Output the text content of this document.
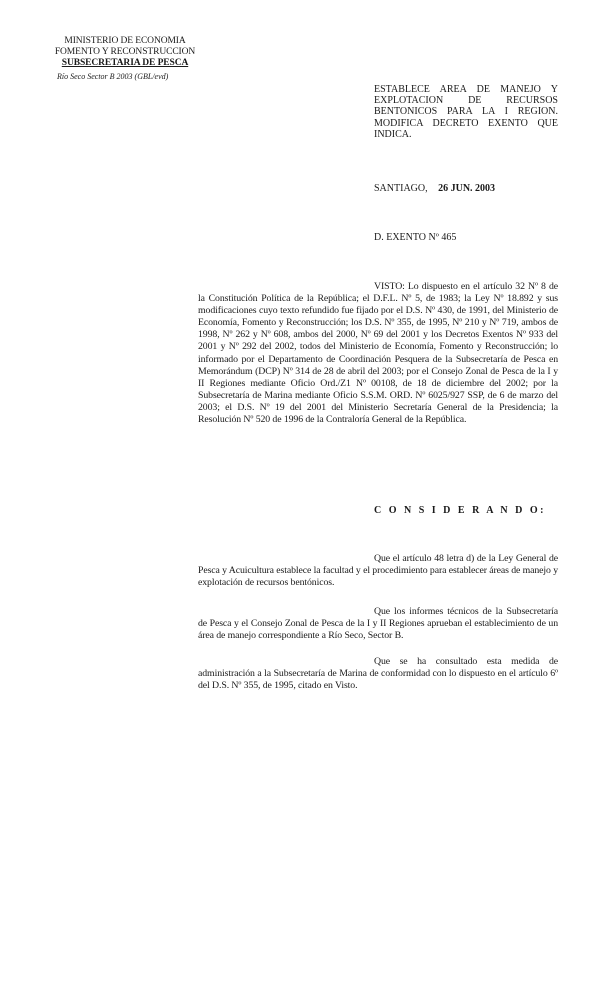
MINISTERIO DE ECONOMIA
FOMENTO Y RECONSTRUCCION
SUBSECRETARIA DE PESCA
Río Seco Sector B 2003 (GBL/evd)
ESTABLECE AREA DE MANEJO Y EXPLOTACION DE RECURSOS BENTONICOS PARA LA I REGION. MODIFICA DECRETO EXENTO QUE INDICA.
SANTIAGO, 26 JUN. 2003
D. EXENTO Nº 465
VISTO: Lo dispuesto en el artículo 32 Nº 8 de la Constitución Política de la República; el D.F.L. Nº 5, de 1983; la Ley Nº 18.892 y sus modificaciones cuyo texto refundido fue fijado por el D.S. Nº 430, de 1991, del Ministerio de Economía, Fomento y Reconstrucción; los D.S. Nº 355, de 1995, Nº 210 y Nº 719, ambos de 1998, Nº 262 y Nº 608, ambos del 2000, Nº 69 del 2001 y los Decretos Exentos Nº 933 del 2001 y Nº 292 del 2002, todos del Ministerio de Economía, Fomento y Reconstrucción; lo informado por el Departamento de Coordinación Pesquera de la Subsecretaría de Pesca en Memorándum (DCP) Nº 314 de 28 de abril del 2003; por el Consejo Zonal de Pesca de la I y II Regiones mediante Oficio Ord./Z1 Nº 00108, de 18 de diciembre del 2002; por la Subsecretaría de Marina mediante Oficio S.S.M. ORD. Nº 6025/927 SSP, de 6 de marzo del 2003; el D.S. Nº 19 del 2001 del Ministerio Secretaría General de la Presidencia; la Resolución Nº 520 de 1996 de la Contraloría General de la República.
C O N S I D E R A N D O:
Que el artículo 48 letra d) de la Ley General de Pesca y Acuicultura establece la facultad y el procedimiento para establecer áreas de manejo y explotación de recursos bentónicos.
Que los informes técnicos de la Subsecretaría de Pesca y el Consejo Zonal de Pesca de la I y II Regiones aprueban el establecimiento de un área de manejo correspondiente a Río Seco, Sector B.
Que se ha consultado esta medida de administración a la Subsecretaría de Marina de conformidad con lo dispuesto en el artículo 6º del D.S. Nº 355, de 1995, citado en Visto.
